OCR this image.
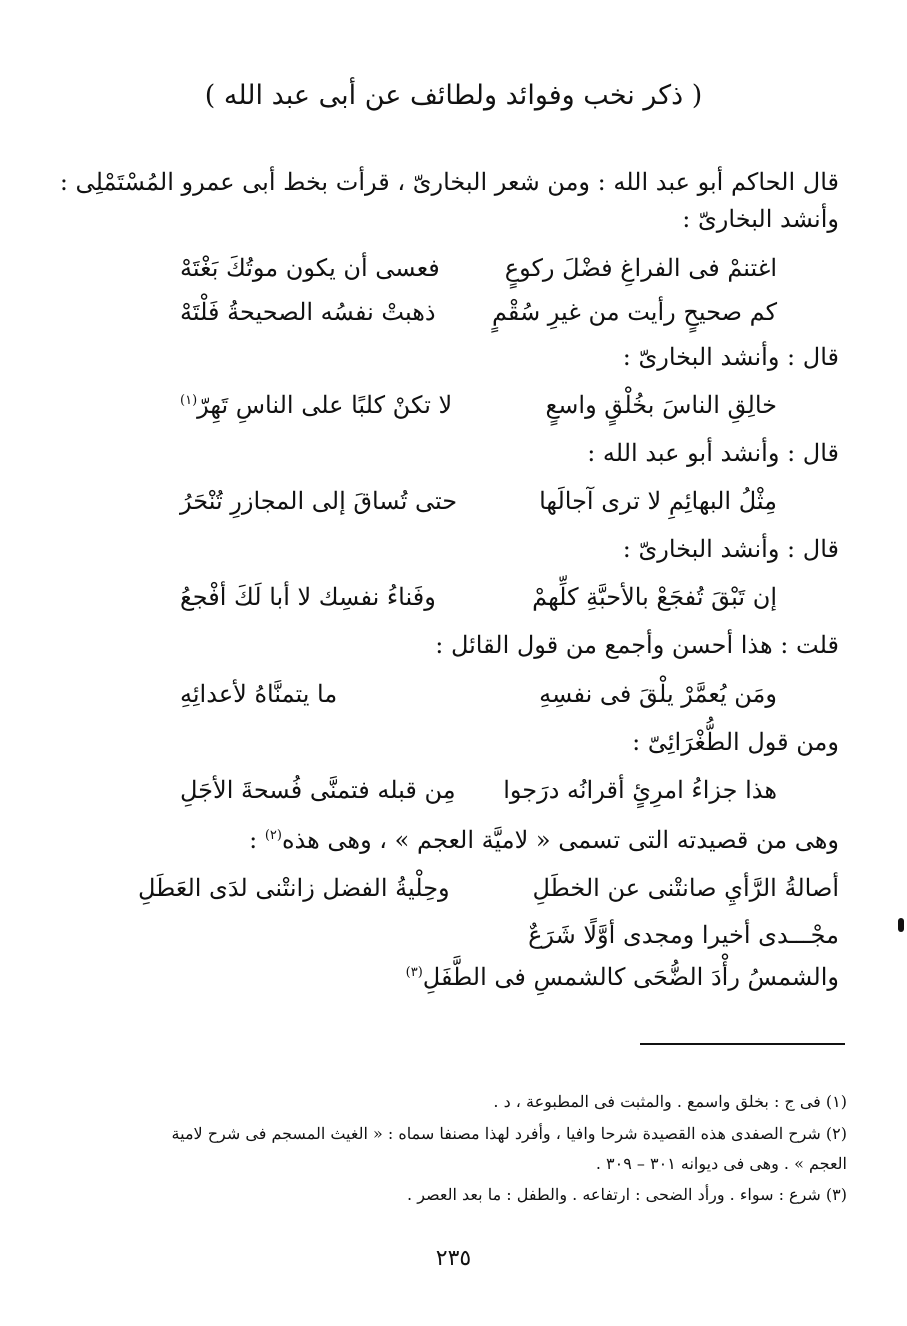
( ذكر نخب وفوائد ولطائف عن أبى عبد الله )
قال الحاكم أبو عبد الله : ومن شعر البخارىّ ، قرأت بخط أبى عمرو المُسْتَمْلِى :
وأنشد البخارىّ :
اغتنمْ فى الفراغِ فضْلَ ركوعٍ
فعسى أن يكون موتُكَ بَغْتَهْ
كم صحيحٍ رأيت من غيرِ سُقْمٍ
ذهبتْ نفسُه الصحيحةُ فَلْتَهْ
قال : وأنشد البخارىّ :
خالِقِ الناسَ بخُلْقٍ واسعٍ
لا تكنْ كلبًا على الناسِ تَهِرّ$^{(١)}$
قال : وأنشد أبو عبد الله :
مِثْلُ البهائِمِ لا ترى آجالَها
حتى تُساقَ إلى المجازرِ تُنْحَرُ
قال : وأنشد البخارىّ :
إن تَبْقَ تُفجَعْ بالأحبَّةِ كلِّهمْ
وفَناءُ نفسِك لا أبا لَكَ أفْجعُ
قلت : هذا أحسن وأجمع من قول القائل :
ومَن يُعمَّرْ يلْقَ فى نفسِهِ
ما يتمنَّاهُ لأعدائِهِ
ومن قول الطُّغْرَائِىّ :
هذا جزاءُ امرِئٍ أقرانُه درَجوا
مِن قبله فتمنَّى فُسحةَ الأجَلِ
وهى من قصيدته التى تسمى « لاميَّة العجم » ، وهى هذه$^{(٢)}$ :
أصالةُ الرَّأيِ صانتْنى عن الخطَلِ
وحِلْيةُ الفضل زانتْنى لدَى العَطَلِ
مجْـــدى أخيرا ومجدى أوَّلًا شَرَعٌ
والشمسُ رأْدَ الضُّحَى كالشمسِ فى الطَّفَلِ$^{(٣)}$
(١) فى ج : بخلق واسمع . والمثبت فى المطبوعة ، د .
(٢) شرح الصفدى هذه القصيدة شرحا وافيا ، وأفرد لهذا مصنفا سماه : « الغيث المسجم فى شرح لامية
العجم » . وهى فى ديوانه ٣٠١ – ٣٠٩ .
(٣) شرع : سواء . ورأد الضحى : ارتفاعه . والطفل : ما بعد العصر .
٢٣٥
